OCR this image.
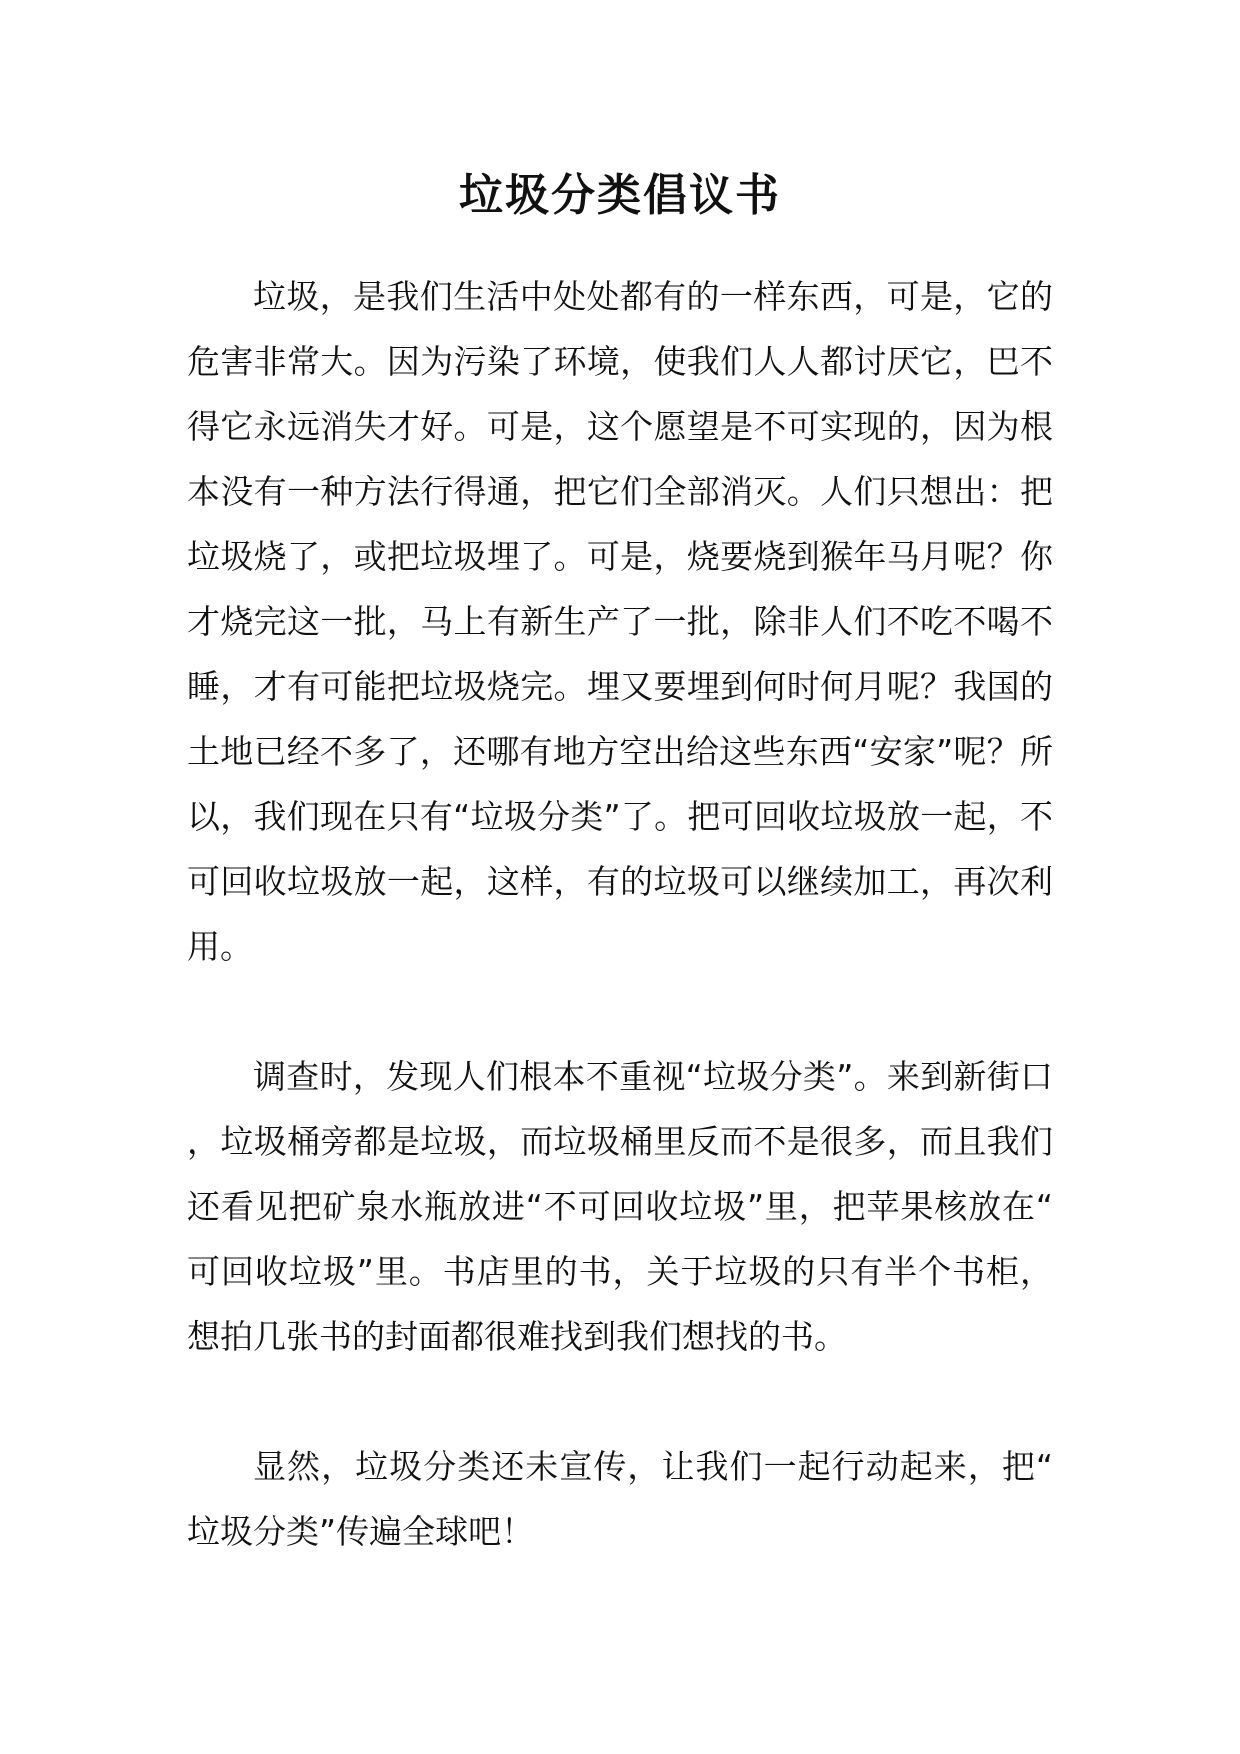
垃圾分类倡议书

垃圾，是我们生活中处处都有的一样东西，可是，它的危害非常大。因为污染了环境，使我们人人都讨厌它，巴不得它永远消失才好。可是，这个愿望是不可实现的，因为根本没有一种方法行得通，把它们全部消灭。人们只想出：把垃圾烧了，或把垃圾埋了。可是，烧要烧到猴年马月呢？你才烧完这一批，马上有新生产了一批，除非人们不吃不喝不睡，才有可能把垃圾烧完。埋又要埋到何时何月呢？我国的土地已经不多了，还哪有地方空出给这些东西“安家”呢？所以，我们现在只有“垃圾分类”了。把可回收垃圾放一起，不可回收垃圾放一起，这样，有的垃圾可以继续加工，再次利用。

调查时，发现人们根本不重视“垃圾分类”。来到新街口，垃圾桶旁都是垃圾，而垃圾桶里反而不是很多，而且我们还看见把矿泉水瓶放进“不可回收垃圾”里，把苹果核放在“可回收垃圾”里。书店里的书，关于垃圾的只有半个书柜，想拍几张书的封面都很难找到我们想找的书。

显然，垃圾分类还未宣传，让我们一起行动起来，把“垃圾分类”传遍全球吧！
